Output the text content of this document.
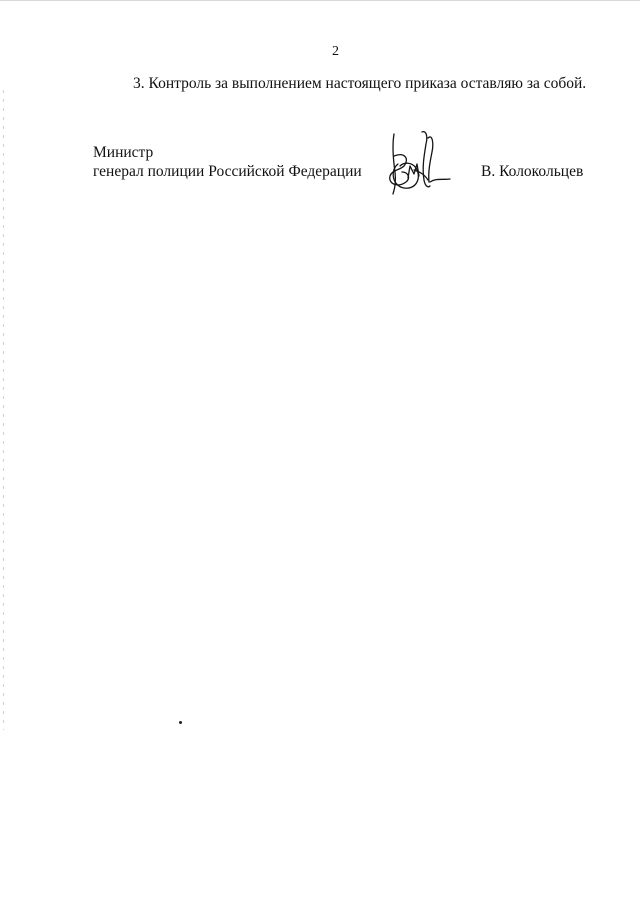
2
3. Контроль за выполнением настоящего приказа оставляю за собой.
Министр
генерал полиции Российской Федерации	В. Колокольцев
